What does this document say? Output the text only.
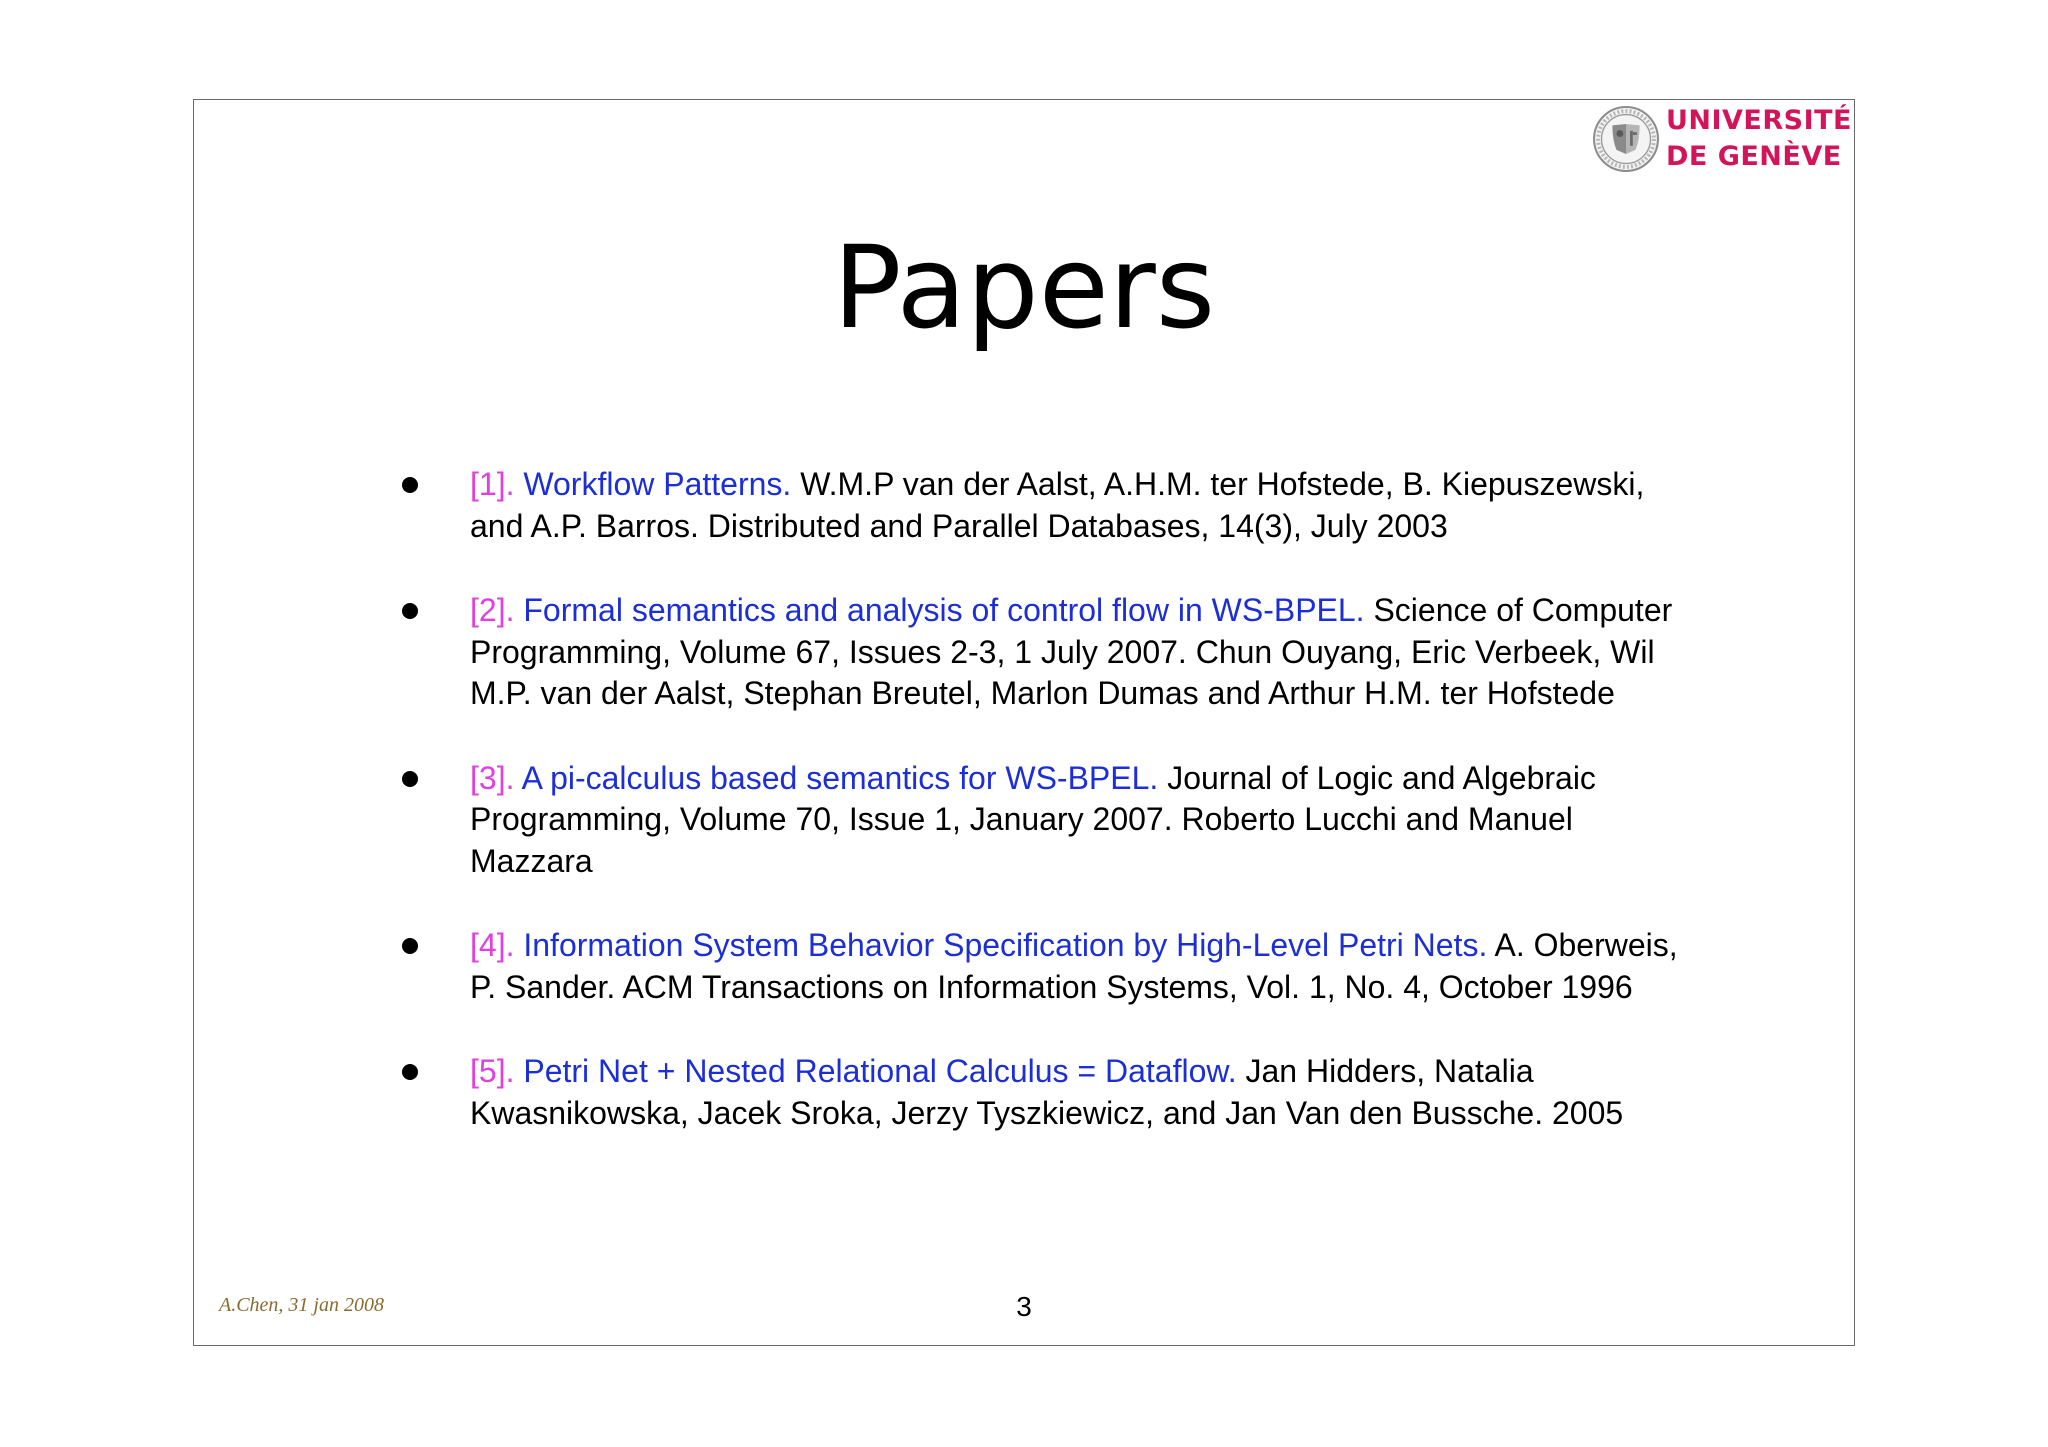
UNIVERSITÉ
DE GENÈVE
Papers
[1]. Workflow Patterns. W.M.P van der Aalst, A.H.M. ter Hofstede, B. Kiepuszewski, and A.P. Barros. Distributed and Parallel Databases, 14(3), July 2003
[2]. Formal semantics and analysis of control flow in WS-BPEL. Science of Computer Programming, Volume 67, Issues 2-3, 1 July 2007. Chun Ouyang, Eric Verbeek, Wil M.P. van der Aalst, Stephan Breutel, Marlon Dumas and Arthur H.M. ter Hofstede
[3]. A pi-calculus based semantics for WS-BPEL. Journal of Logic and Algebraic Programming, Volume 70, Issue 1, January 2007. Roberto Lucchi and Manuel Mazzara
[4]. Information System Behavior Specification by High-Level Petri Nets. A. Oberweis, P. Sander. ACM Transactions on Information Systems, Vol. 1, No. 4, October 1996
[5]. Petri Net + Nested Relational Calculus = Dataflow. Jan Hidders, Natalia Kwasnikowska, Jacek Sroka, Jerzy Tyszkiewicz, and Jan Van den Bussche. 2005
A.Chen, 31 jan 2008	3
